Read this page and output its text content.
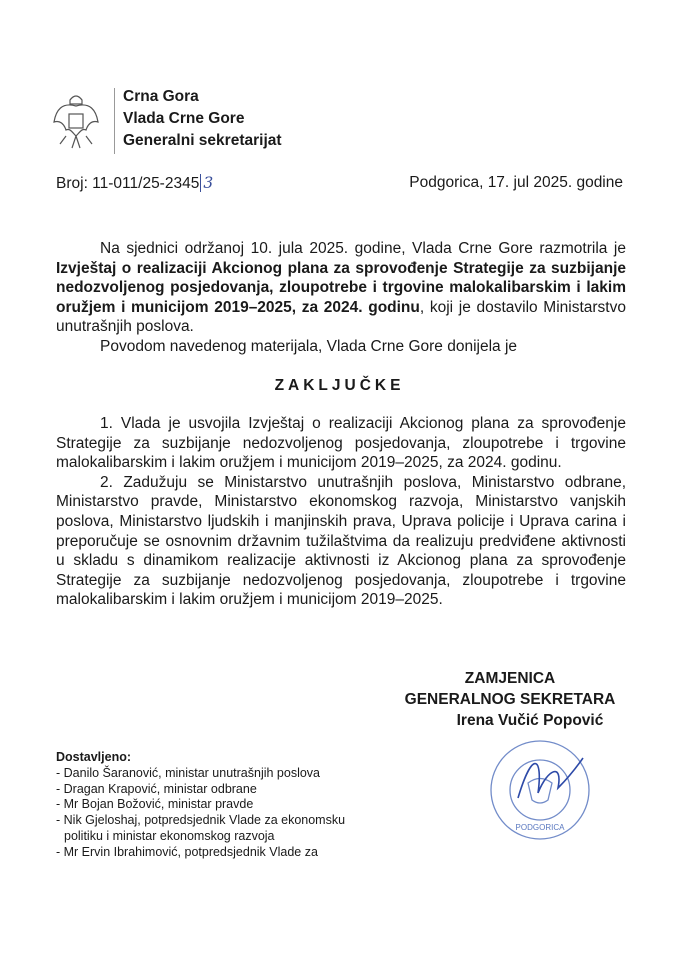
Crna Gora
Vlada Crne Gore
Generalni sekretarijat
Broj: 11-011/25-2345 3	Podgorica, 17. jul 2025. godine

Na sjednici održanoj 10. jula 2025. godine, Vlada Crne Gore razmotrila je Izvještaj o realizaciji Akcionog plana za sprovođenje Strategije za suzbijanje nedozvoljenog posjedovanja, zloupotrebe i trgovine malokalibarskim i lakim oružjem i municijom 2019–2025, za 2024. godinu, koji je dostavilo Ministarstvo unutrašnjih poslova.

Povodom navedenog materijala, Vlada Crne Gore donijela je

ZAKLJUČKE

1. Vlada je usvojila Izvještaj o realizaciji Akcionog plana za sprovođenje Strategije za suzbijanje nedozvoljenog posjedovanja, zloupotrebe i trgovine malokalibarskim i lakim oružjem i municijom 2019–2025, za 2024. godinu.

2. Zadužuju se Ministarstvo unutrašnjih poslova, Ministarstvo odbrane, Ministarstvo pravde, Ministarstvo ekonomskog razvoja, Ministarstvo vanjskih poslova, Ministarstvo ljudskih i manjinskih prava, Uprava policije i Uprava carina i preporučuje se osnovnim državnim tužilaštvima da realizuju predviđene aktivnosti u skladu s dinamikom realizacije aktivnosti iz Akcionog plana za sprovođenje Strategije za suzbijanje nedozvoljenog posjedovanja, zloupotrebe i trgovine malokalibarskim i lakim oružjem i municijom 2019–2025.

ZAMJENICA
GENERALNOG SEKRETARA
Irena Vučić Popović
PODGORICA
Dostavljeno:
- Danilo Šaranović, ministar unutrašnjih poslova
- Dragan Krapović, ministar odbrane
- Mr Bojan Božović, ministar pravde
- Nik Gjeloshaj, potpredsjednik Vlade za ekonomsku
politiku i ministar ekonomskog razvoja
- Mr Ervin Ibrahimović, potpredsjednik Vlade za
